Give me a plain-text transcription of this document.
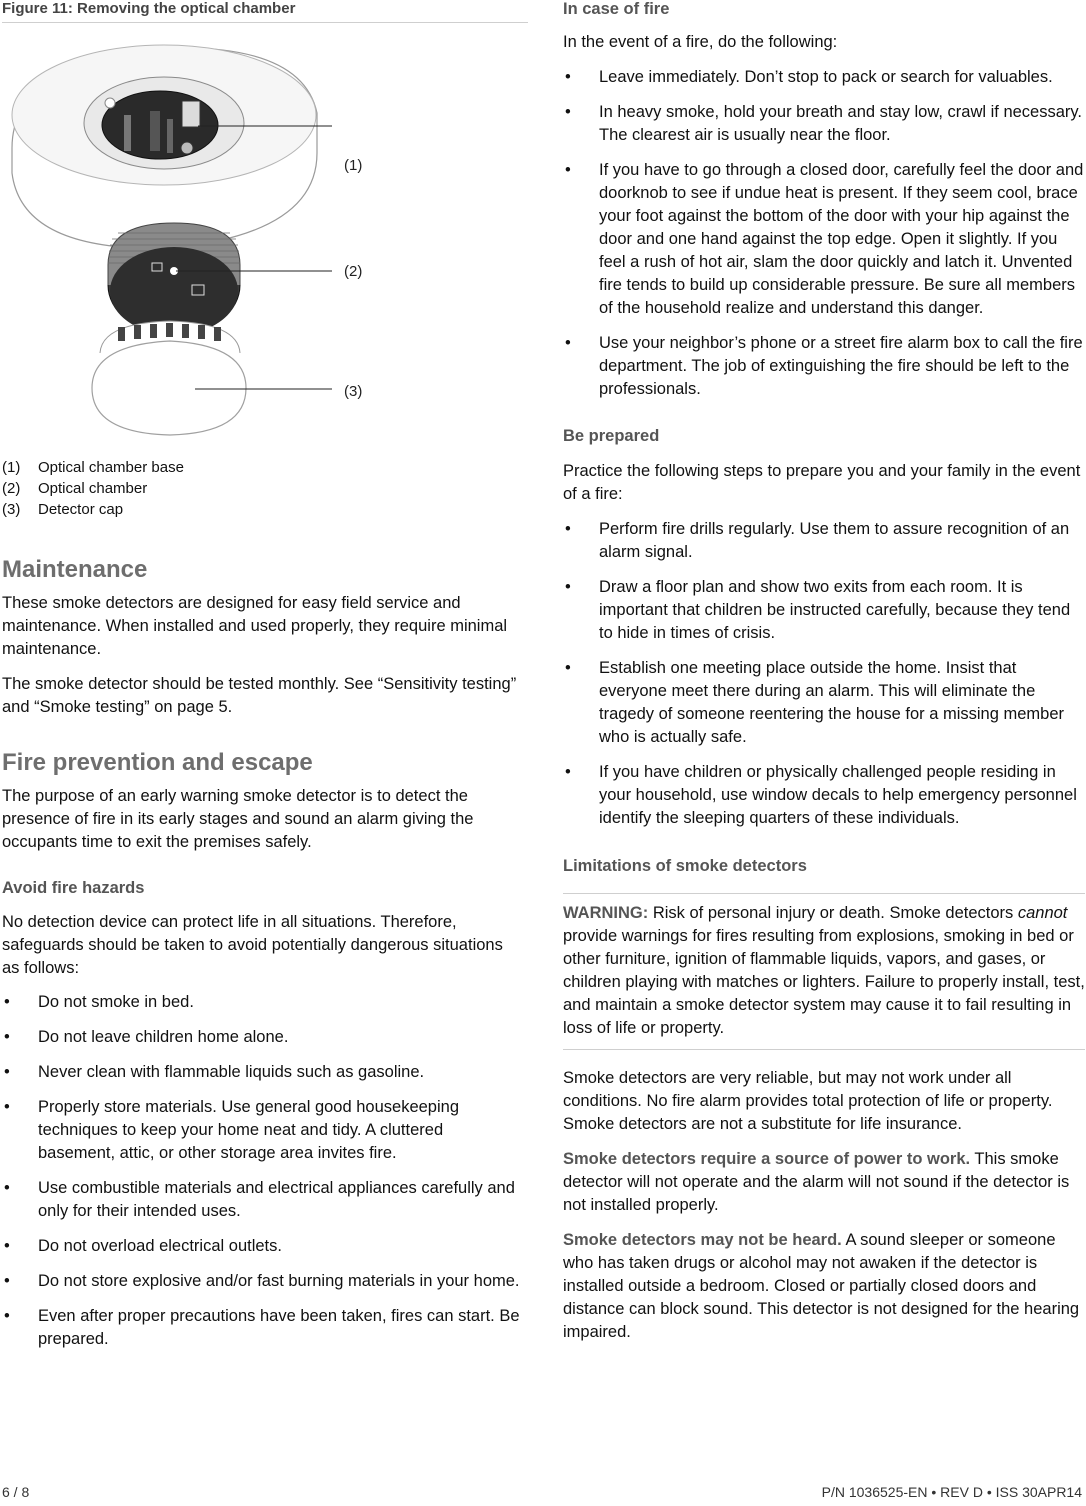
Figure 11: Removing the optical chamber

(1)
(2)
(3)
(1)	Optical chamber base
(2)	Optical chamber
(3)	Detector cap
Maintenance

These smoke detectors are designed for easy field service and maintenance. When installed and used properly, they require minimal maintenance.

The smoke detector should be tested monthly. See “Sensitivity testing” and “Smoke testing” on page 5.

Fire prevention and escape

The purpose of an early warning smoke detector is to detect the presence of fire in its early stages and sound an alarm giving the occupants time to exit the premises safely.

Avoid fire hazards

No detection device can protect life in all situations. Therefore, safeguards should be taken to avoid potentially dangerous situations as follows:

• Do not smoke in bed.
• Do not leave children home alone.
• Never clean with flammable liquids such as gasoline.
• Properly store materials. Use general good housekeeping techniques to keep your home neat and tidy. A cluttered basement, attic, or other storage area invites fire.
• Use combustible materials and electrical appliances carefully and only for their intended uses.
• Do not overload electrical outlets.
• Do not store explosive and/or fast burning materials in your home.
• Even after proper precautions have been taken, fires can start. Be prepared.
In case of fire

In the event of a fire, do the following:

• Leave immediately. Don’t stop to pack or search for valuables.
• In heavy smoke, hold your breath and stay low, crawl if necessary. The clearest air is usually near the floor.
• If you have to go through a closed door, carefully feel the door and doorknob to see if undue heat is present. If they seem cool, brace your foot against the bottom of the door with your hip against the door and one hand against the top edge. Open it slightly. If you feel a rush of hot air, slam the door quickly and latch it. Unvented fire tends to build up considerable pressure. Be sure all members of the household realize and understand this danger.
• Use your neighbor’s phone or a street fire alarm box to call the fire department. The job of extinguishing the fire should be left to the professionals.
Be prepared

Practice the following steps to prepare you and your family in the event of a fire:

• Perform fire drills regularly. Use them to assure recognition of an alarm signal.
• Draw a floor plan and show two exits from each room. It is important that children be instructed carefully, because they tend to hide in times of crisis.
• Establish one meeting place outside the home. Insist that everyone meet there during an alarm. This will eliminate the tragedy of someone reentering the house for a missing member who is actually safe.
• If you have children or physically challenged people residing in your household, use window decals to help emergency personnel identify the sleeping quarters of these individuals.
Limitations of smoke detectors

WARNING: Risk of personal injury or death. Smoke detectors cannot provide warnings for fires resulting from explosions, smoking in bed or other furniture, ignition of flammable liquids, vapors, and gases, or children playing with matches or lighters. Failure to properly install, test, and maintain a smoke detector system may cause it to fail resulting in loss of life or property.

Smoke detectors are very reliable, but may not work under all conditions. No fire alarm provides total protection of life or property. Smoke detectors are not a substitute for life insurance.

Smoke detectors require a source of power to work. This smoke detector will not operate and the alarm will not sound if the detector is not installed properly.

Smoke detectors may not be heard. A sound sleeper or someone who has taken drugs or alcohol may not awaken if the detector is installed outside a bedroom. Closed or partially closed doors and distance can block sound. This detector is not designed for the hearing impaired.

6 / 8	P/N 1036525-EN • REV D • ISS 30APR14
